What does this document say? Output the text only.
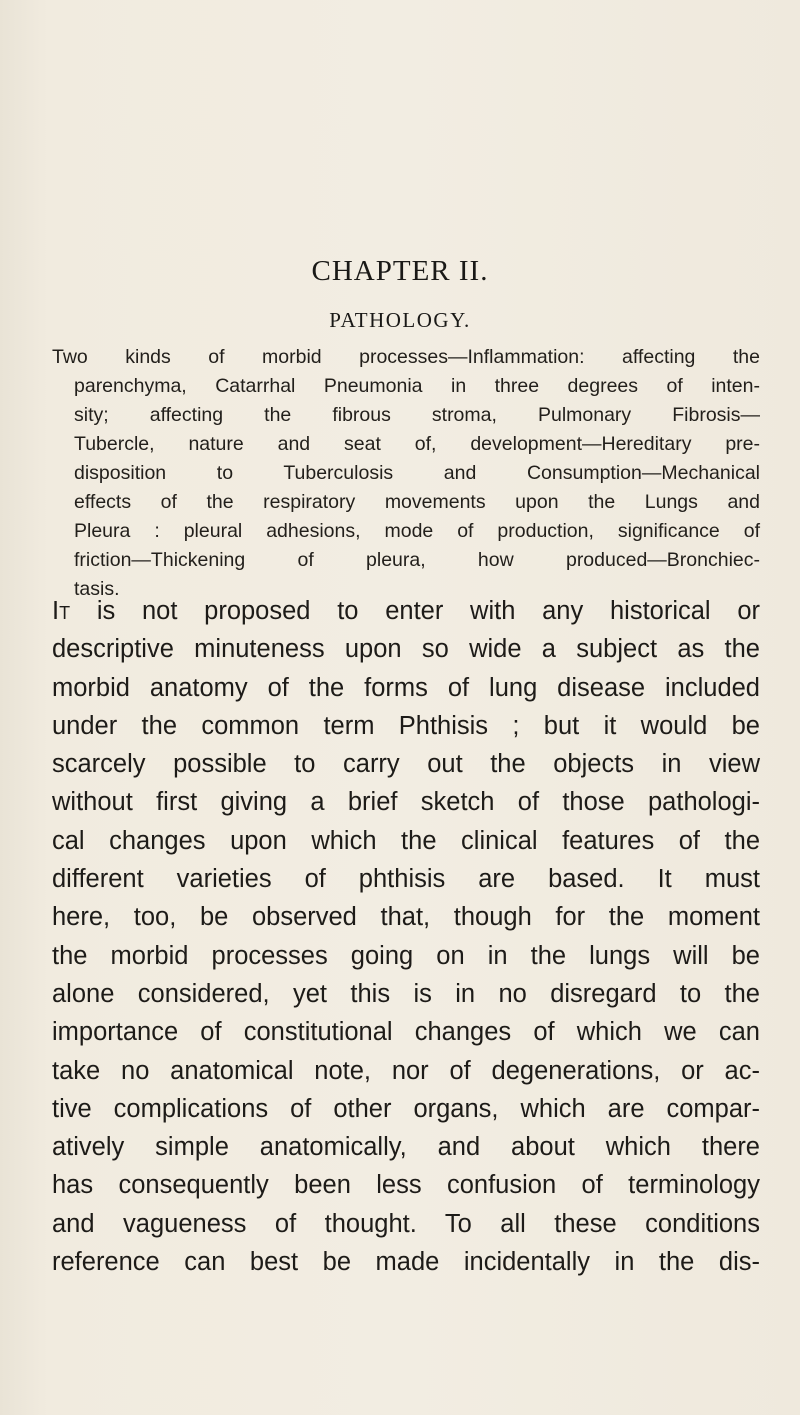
CHAPTER II.
PATHOLOGY.
Two kinds of morbid processes—Inflammation: affecting the
parenchyma, Catarrhal Pneumonia in three degrees of inten-
sity; affecting the fibrous stroma, Pulmonary Fibrosis—
Tubercle, nature and seat of, development—Hereditary pre-
disposition to Tuberculosis and Consumption—Mechanical
effects of the respiratory movements upon the Lungs and
Pleura : pleural adhesions, mode of production, significance of
friction—Thickening of pleura, how produced—Bronchiec-
tasis.
It is not proposed to enter with any historical or
descriptive minuteness upon so wide a subject as the
morbid anatomy of the forms of lung disease included
under the common term Phthisis ; but it would be
scarcely possible to carry out the objects in view
without first giving a brief sketch of those pathologi-
cal changes upon which the clinical features of the
different varieties of phthisis are based. It must
here, too, be observed that, though for the moment
the morbid processes going on in the lungs will be
alone considered, yet this is in no disregard to the
importance of constitutional changes of which we can
take no anatomical note, nor of degenerations, or ac-
tive complications of other organs, which are compar-
atively simple anatomically, and about which there
has consequently been less confusion of terminology
and vagueness of thought. To all these conditions
reference can best be made incidentally in the dis-
